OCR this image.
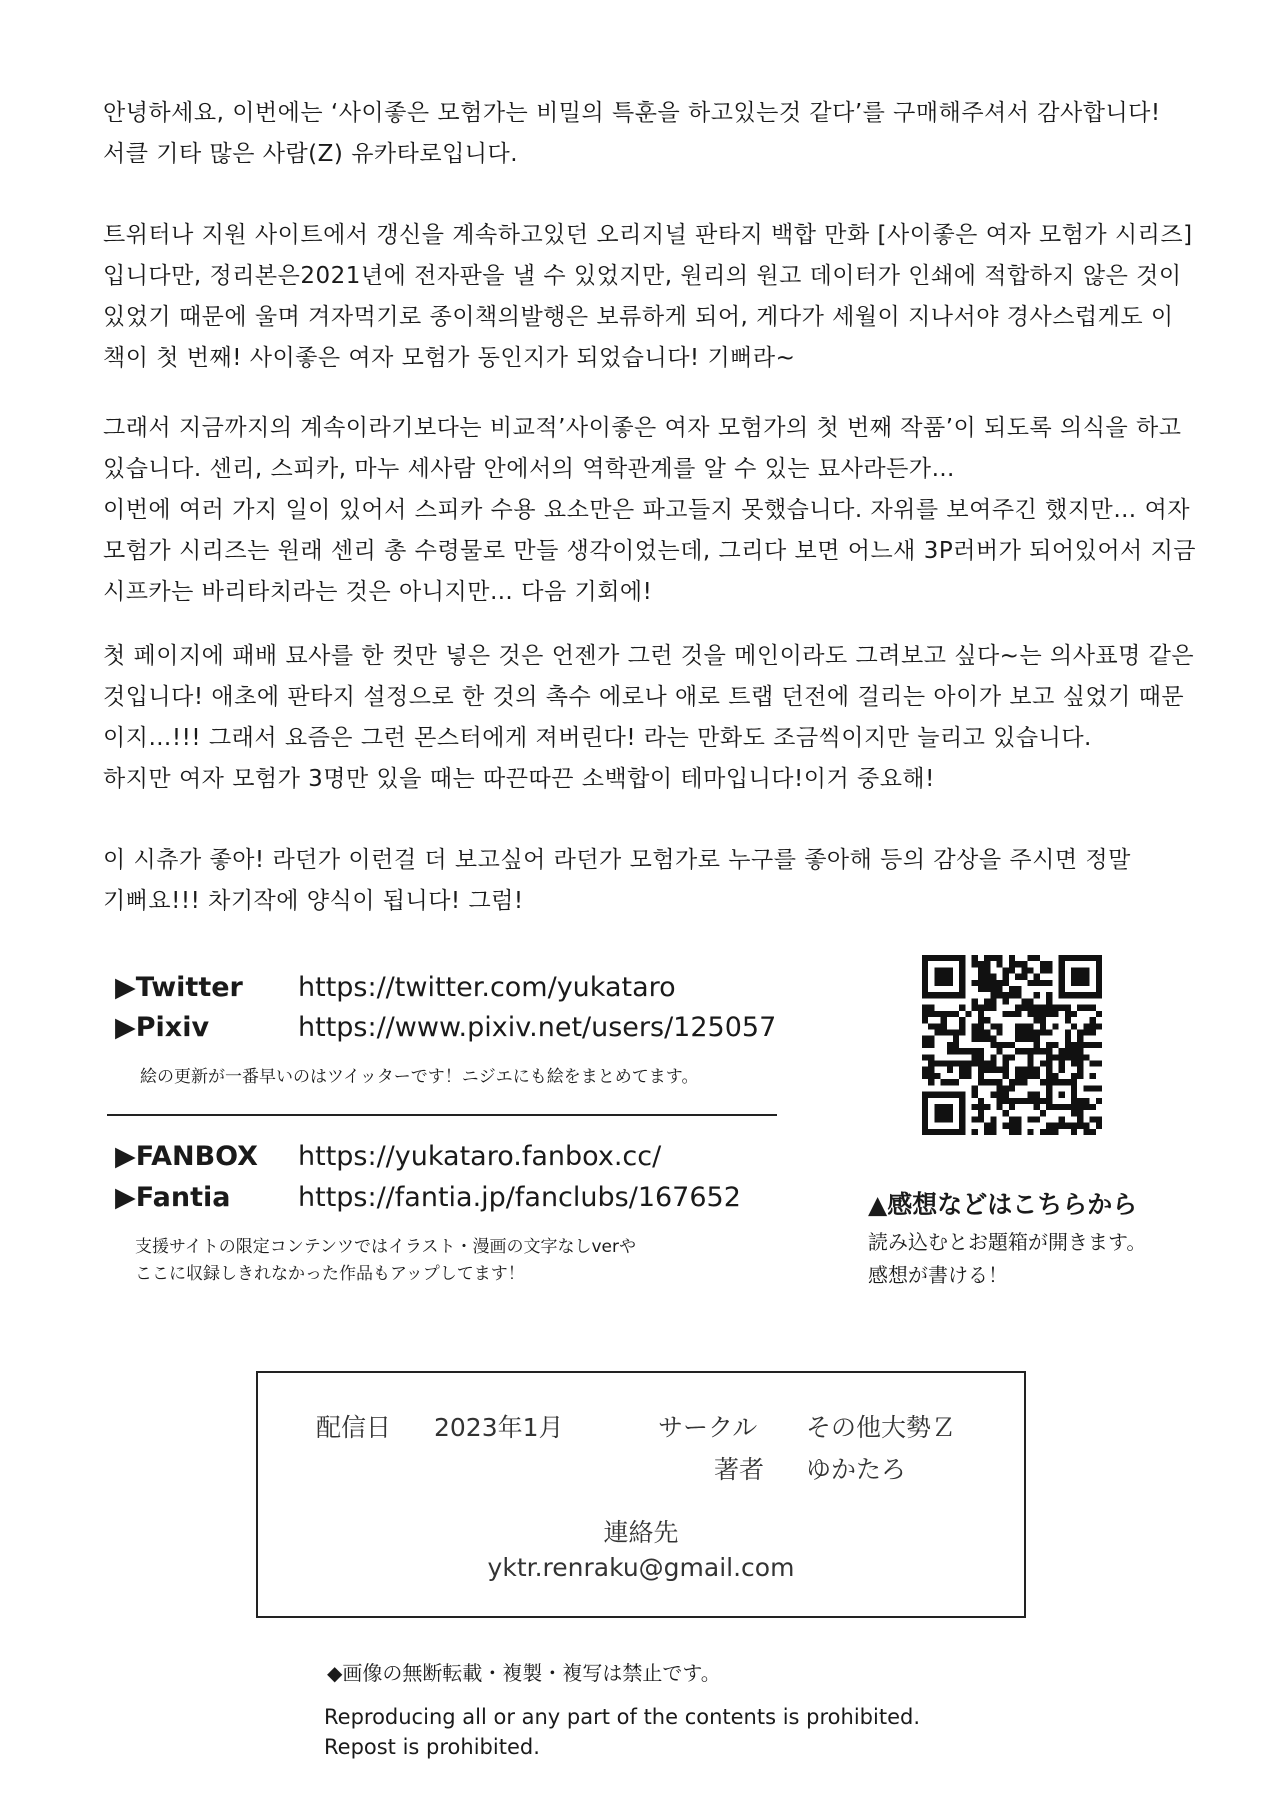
안녕하세요, 이번에는 ‘사이좋은 모험가는 비밀의 특훈을 하고있는것 같다’를 구매해주셔서 감사합니다!
서클 기타 많은 사람(Z) 유카타로입니다.

트위터나 지원 사이트에서 갱신을 계속하고있던 오리지널 판타지 백합 만화 [사이좋은 여자 모험가 시리즈]
입니다만, 정리본은2021년에 전자판을 낼 수 있었지만, 원리의 원고 데이터가 인쇄에 적합하지 않은 것이
있었기 때문에 울며 겨자먹기로 종이책의발행은 보류하게 되어, 게다가 세월이 지나서야 경사스럽게도 이
책이 첫 번째! 사이좋은 여자 모험가 동인지가 되었습니다! 기뻐라~

그래서 지금까지의 계속이라기보다는 비교적’사이좋은 여자 모험가의 첫 번째 작품’이 되도록 의식을 하고
있습니다. 센리, 스피카, 마누 세사람 안에서의 역학관계를 알 수 있는 묘사라든가…
이번에 여러 가지 일이 있어서 스피카 수용 요소만은 파고들지 못했습니다. 자위를 보여주긴 했지만… 여자
모험가 시리즈는 원래 센리 총 수령물로 만들 생각이었는데, 그리다 보면 어느새 3P러버가 되어있어서 지금
시프카는 바리타치라는 것은 아니지만… 다음 기회에!

첫 페이지에 패배 묘사를 한 컷만 넣은 것은 언젠가 그런 것을 메인이라도 그려보고 싶다~는 의사표명 같은
것입니다! 애초에 판타지 설정으로 한 것의 촉수 에로나 애로 트랩 던전에 걸리는 아이가 보고 싶었기 때문
이지…!!! 그래서 요즘은 그런 몬스터에게 져버린다! 라는 만화도 조금씩이지만 늘리고 있습니다.
하지만 여자 모험가 3명만 있을 때는 따끈따끈 소백합이 테마입니다!이거 중요해!

이 시츄가 좋아! 라던가 이런걸 더 보고싶어 라던가 모험가로 누구를 좋아해 등의 감상을 주시면 정말
기뻐요!!! 차기작에 양식이 됩니다! 그럼!

▶Twitter https://twitter.com/yukataro
▶Pixiv	https://www.pixiv.net/users/125057
絵の更新が一番早いのはツイッターです！ニジエにも絵をまとめてます。
▶FANBOX https://yukataro.fanbox.cc/
▶Fantia	https://fantia.jp/fanclubs/167652
支援サイトの限定コンテンツではイラスト・漫画の文字なしverや
ここに収録しきれなかった作品もアップしてます！
▲感想などはこちらから
読み込むとお題箱が開きます。
感想が書ける！
配信日 2023年1月	サークル その他大勢Ｚ
著者 ゆかたろ
連絡先
yktr.renraku@gmail.com
◆画像の無断転載・複製・複写は禁止です。
Reproducing all or any part of the contents is prohibited.
Repost is prohibited.
